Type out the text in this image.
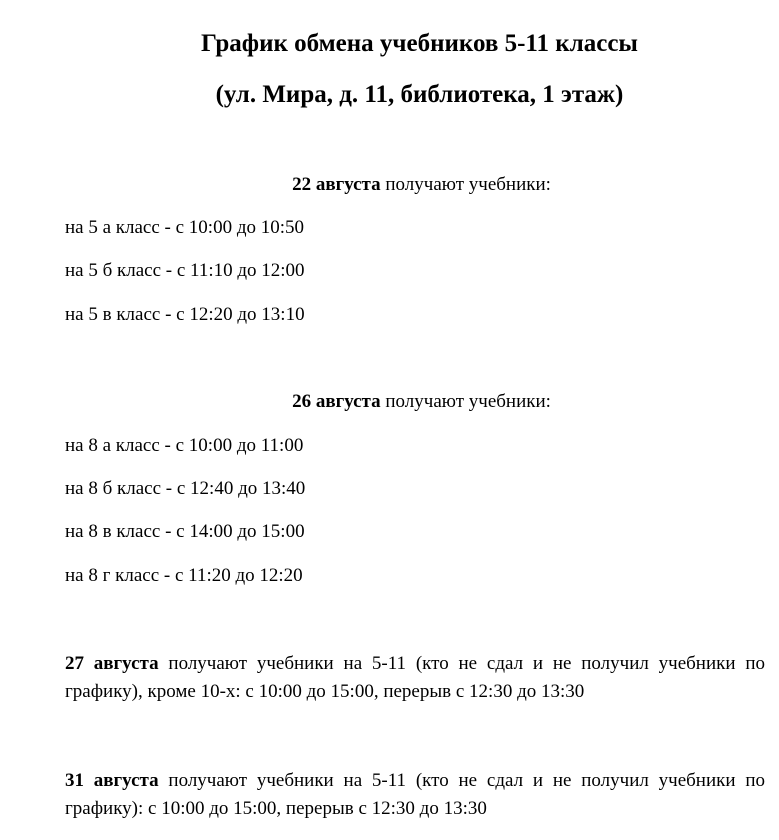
График обмена учебников 5-11 классы
(ул. Мира, д. 11, библиотека, 1 этаж)

22 августа получают учебники:

на 5 а класс - с 10:00 до 10:50

на 5 б класс - с 11:10 до 12:00

на 5 в класс - с 12:20 до 13:10

26 августа получают учебники:

на 8 а класс - с 10:00 до 11:00

на 8 б класс - с 12:40 до 13:40

на 8 в класс - с 14:00 до 15:00

на 8 г класс - с 11:20 до 12:20

27 августа получают учебники на 5-11 (кто не сдал и не получил учебники по графику), кроме 10-х: с 10:00 до 15:00, перерыв с 12:30 до 13:30

31 августа получают учебники на 5-11 (кто не сдал и не получил учебники по графику): с 10:00 до 15:00, перерыв с 12:30 до 13:30
